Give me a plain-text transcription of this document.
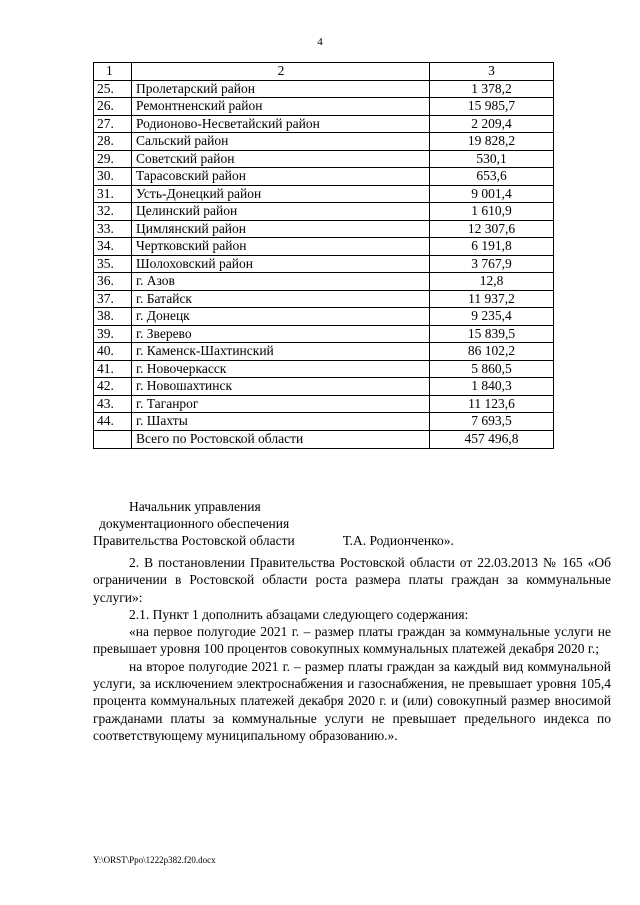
4
1	2	3
25.	Пролетарский район	1 378,2
26.	Ремонтненский район	15 985,7
27.	Родионово-Несветайский район	2 209,4
28.	Сальский район	19 828,2
29.	Советский район	530,1
30.	Тарасовский район	653,6
31.	Усть-Донецкий район	9 001,4
32.	Целинский район	1 610,9
33.	Цимлянский район	12 307,6
34.	Чертковский район	6 191,8
35.	Шолоховский район	3 767,9
36.	г. Азов	12,8
37.	г. Батайск	11 937,2
38.	г. Донецк	9 235,4
39.	г. Зверево	15 839,5
40.	г. Каменск-Шахтинский	86 102,2
41.	г. Новочеркасск	5 860,5
42.	г. Новошахтинск	1 840,3
43.	г. Таганрог	11 123,6
44.	г. Шахты	7 693,5
	Всего по Ростовской области	457 496,8
Начальник управления
документационного обеспечения
Правительства Ростовской области	Т.А. Родионченко».

2. В постановлении Правительства Ростовской области от 22.03.2013 № 165 «Об ограничении в Ростовской области роста размера платы граждан за коммунальные услуги»:

2.1. Пункт 1 дополнить абзацами следующего содержания:

«на первое полугодие 2021 г. – размер платы граждан за коммунальные услуги не превышает уровня 100 процентов совокупных коммунальных платежей декабря 2020 г.;

на второе полугодие 2021 г. – размер платы граждан за каждый вид коммунальной услуги, за исключением электроснабжения и газоснабжения, не превышает уровня 105,4 процента коммунальных платежей декабря 2020 г. и (или) совокупный размер вносимой гражданами платы за коммунальные услуги не превышает предельного индекса по соответствующему муниципальному образованию.».

Y:\ORST\Ppo\1222p382.f20.docx
